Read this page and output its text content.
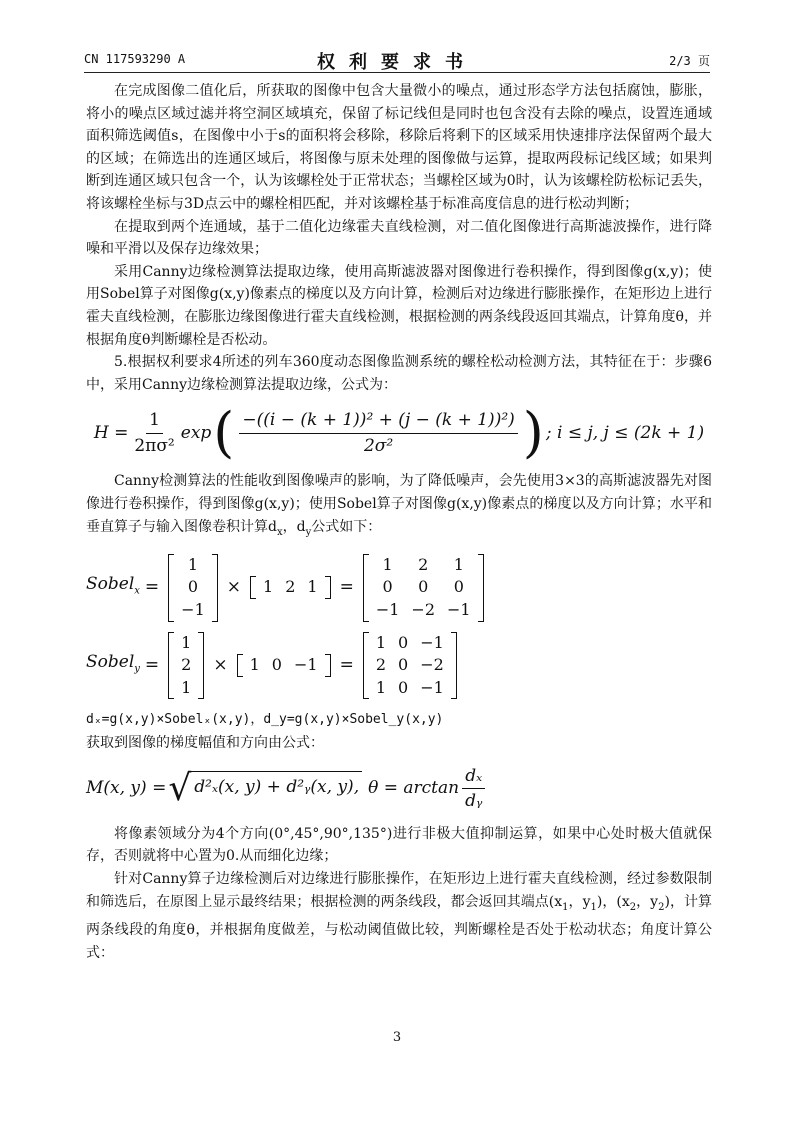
CN 117593290 A	权利要求书	2/3 页

在完成图像二值化后，所获取的图像中包含大量微小的噪点，通过形态学方法包括腐蚀，膨胀，将小的噪点区域过滤并将空洞区域填充，保留了标记线但是同时也包含没有去除的噪点，设置连通域面积筛选阈值s，在图像中小于s的面积将会移除，移除后将剩下的区域采用快速排序法保留两个最大的区域；在筛选出的连通区域后，将图像与原未处理的图像做与运算，提取两段标记线区域；如果判断到连通区域只包含一个，认为该螺栓处于正常状态；当螺栓区域为0时，认为该螺栓防松标记丢失，将该螺栓坐标与3D点云中的螺栓相匹配，并对该螺栓基于标准高度信息的进行松动判断；

在提取到两个连通域，基于二值化边缘霍夫直线检测，对二值化图像进行高斯滤波操作，进行降噪和平滑以及保存边缘效果；

采用Canny边缘检测算法提取边缘，使用高斯滤波器对图像进行卷积操作，得到图像g(x,y)；使用Sobel算子对图像g(x,y)像素点的梯度以及方向计算，检测后对边缘进行膨胀操作，在矩形边上进行霍夫直线检测，在膨胀边缘图像进行霍夫直线检测，根据检测的两条线段返回其端点，计算角度θ，并根据角度θ判断螺栓是否松动。

5.根据权利要求4所述的列车360度动态图像监测系统的螺栓松动检测方法，其特征在于：步骤6中，采用Canny边缘检测算法提取边缘，公式为：

$H = \frac{1}{\text{2πσ²}}$ exp ( $\frac{\text{−((i − (k + 1))² + (j − (k + 1))²)}}{\text{2σ²}}$ ) ; i ≤ j, j ≤ (2k + 1)

Canny检测算法的性能收到图像噪声的影响，为了降低噪声，会先使用3×3的高斯滤波器先对图像进行卷积操作，得到图像g(x,y)；使用Sobel算子对图像g(x,y)像素点的梯度以及方向计算；水平和垂直算子与输入图像卷积计算$d_x$，$d_y$公式如下：

Sobel$_x$ =
1
0
−1
× 1	2	1 =
1	2	1
0	0	0
−1	−2	−1
Sobel$_y$ =
1
2
1
× 1	0	−1 =
1	0	−1
2	0	−2
1	0	−1

dₓ=g(x,y)×Sobelₓ(x,y)，d_y=g(x,y)×Sobel_y(x,y)

获取到图像的梯度幅值和方向由公式：

M(x, y) = √ d²ₓ(x, y) + d²ᵧ(x, y), $\theta = \arctan \frac{\text{dₓ}}{\text{dᵧ}}$

将像素领域分为4个方向(0°,45°,90°,135°)进行非极大值抑制运算，如果中心处时极大值就保存，否则就将中心置为0.从而细化边缘；

针对Canny算子边缘检测后对边缘进行膨胀操作，在矩形边上进行霍夫直线检测，经过参数限制和筛选后，在原图上显示最终结果；根据检测的两条线段，都会返回其端点($x_1$，$y_1$)，($x_2$，$y_2$)，计算两条线段的角度θ，并根据角度做差，与松动阈值做比较，判断螺栓是否处于松动状态；角度计算公式：

3
